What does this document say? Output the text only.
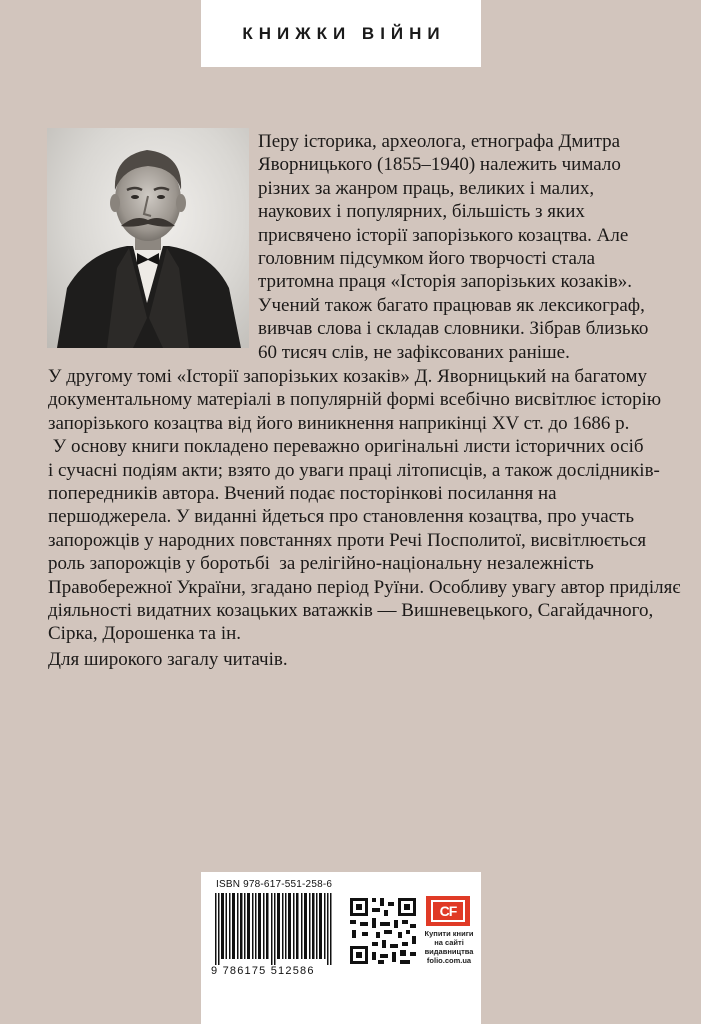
КНИЖКИ ВІЙНИ
Перу історика, археолога, етнографа Дмитра
Яворницького (1855–1940) належить чимало
різних за жанром праць, великих і малих,
наукових і популярних, більшість з яких
присвячено історії запорізького козацтва. Але
головним підсумком його творчості стала
тритомна праця «Історія запорізьких козаків».
Учений також багато працював як лексикограф,
вивчав слова і складав словники. Зібрав близько
60 тисяч слів, не зафіксованих раніше.
У другому томі «Історії запорізьких козаків» Д. Яворницький на багатому
документальному матеріалі в популярній формі всебічно висвітлює історію
запорізького козацтва від його виникнення наприкінці XV ст. до 1686 р.
У основу книги покладено переважно оригінальні листи історичних осіб
і сучасні подіям акти; взято до уваги праці літописців, а також дослідників-
попередників автора. Вчений подає посторінкові посилання на
першоджерела. У виданні йдеться про становлення козацтва, про участь
запорожців у народних повстаннях проти Речі Посполитої, висвітлюється
роль запорожців у боротьбі  за релігійно-національну незалежність
Правобережної України, згадано період Руїни. Особливу увагу автор приділяє
діяльності видатних козацьких ватажків — Вишневецького, Сагайдачного,
Сірка, Дорошенка та ін.
Для широкого загалу читачів.
ISBN 978-617-551-258-6
9 786175 512586
CF
Купити книги
на сайті
видавництва
folio.com.ua
